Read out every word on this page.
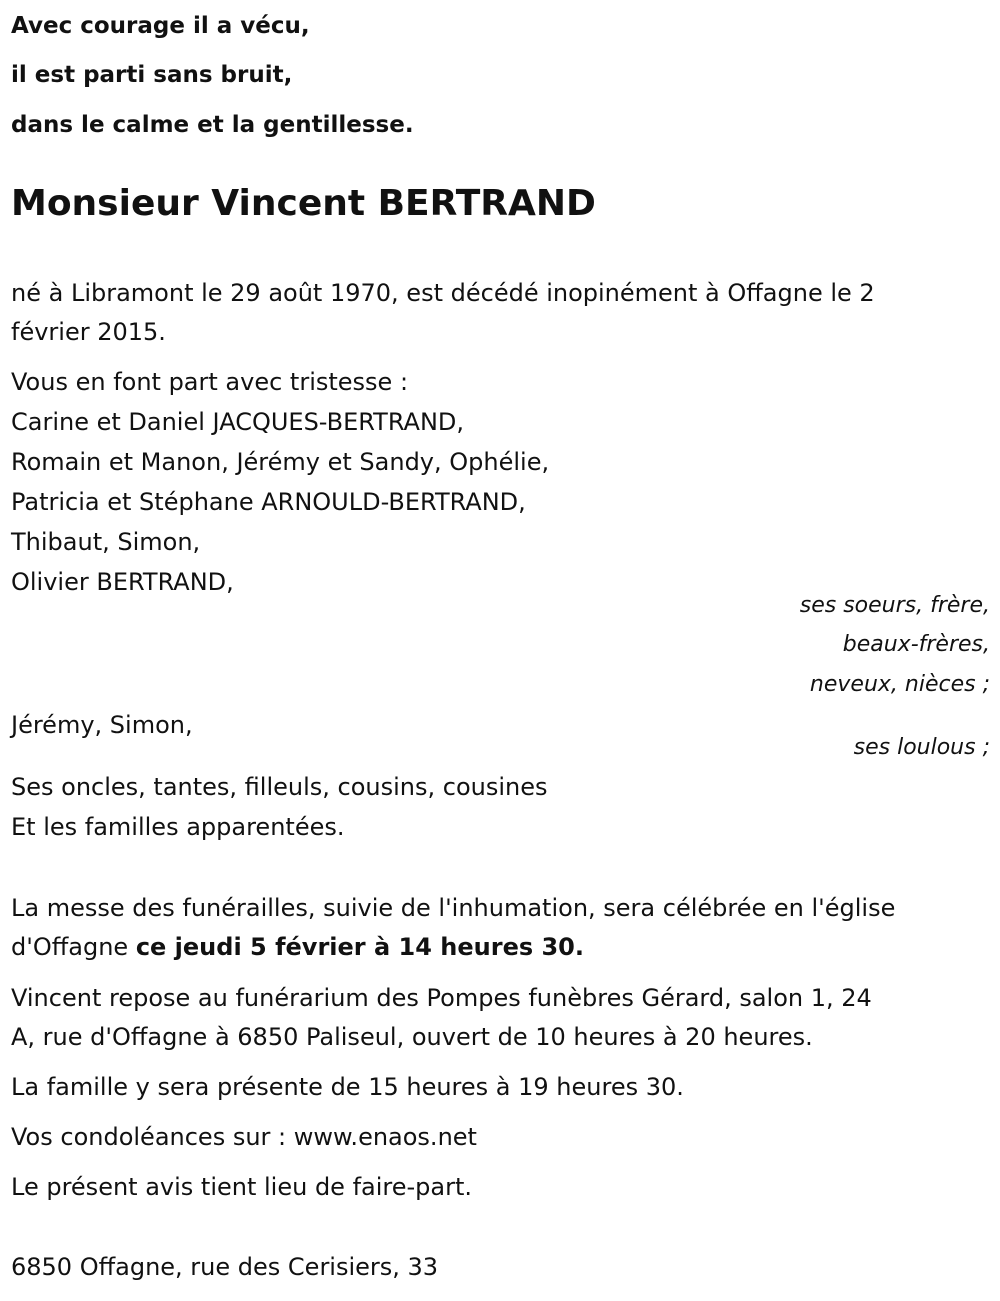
Avec courage il a vécu,
il est parti sans bruit,
dans le calme et la gentillesse.
Monsieur Vincent BERTRAND
né à Libramont le 29 août 1970, est décédé inopinément à Offagne le 2
février 2015.
Vous en font part avec tristesse :
Carine et Daniel JACQUES-BERTRAND,
Romain et Manon, Jérémy et Sandy, Ophélie,
Patricia et Stéphane ARNOULD-BERTRAND,
Thibaut, Simon,
Olivier BERTRAND,
ses soeurs, frère,
beaux-frères,
neveux, nièces ;
Jérémy, Simon,
ses loulous ;
Ses oncles, tantes, filleuls, cousins, cousines
Et les familles apparentées.
La messe des funérailles, suivie de l'inhumation, sera célébrée en l'église
d'Offagne ce jeudi 5 février à 14 heures 30.
Vincent repose au funérarium des Pompes funèbres Gérard, salon 1, 24
A, rue d'Offagne à 6850 Paliseul, ouvert de 10 heures à 20 heures.
La famille y sera présente de 15 heures à 19 heures 30.
Vos condoléances sur : www.enaos.net
Le présent avis tient lieu de faire-part.
6850 Offagne, rue des Cerisiers, 33
